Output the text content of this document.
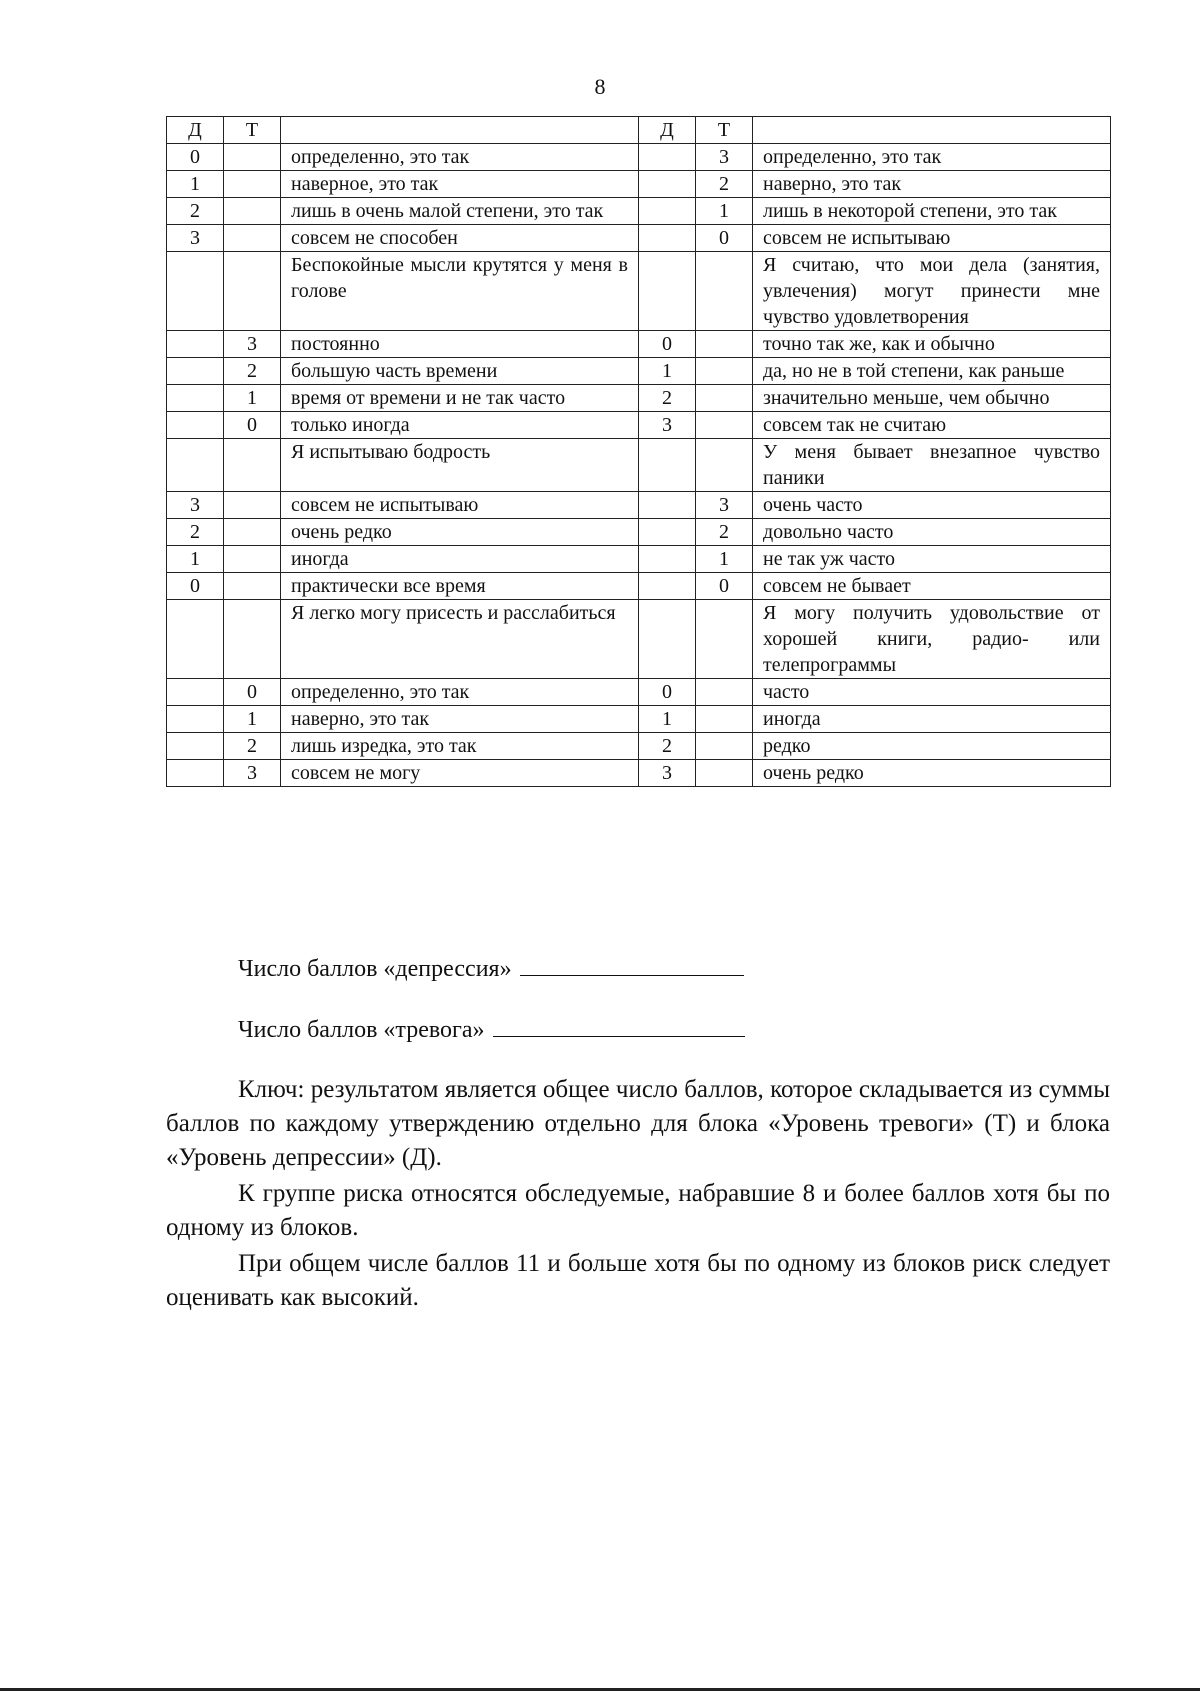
8
Д	Т		Д	Т	
0		определенно, это так		3	определенно, это так
1		наверное, это так		2	наверно, это так
2		лишь в очень малой степени, это так		1	лишь в некоторой степени, это так
3		совсем не способен		0	совсем не испытываю
		Беспокойные мысли крутятся у меня в голове			Я считаю, что мои дела (занятия, увлечения) могут принести мне чувство удовлетворения
	3	постоянно	0		точно так же, как и обычно
	2	большую часть времени	1		да, но не в той степени, как раньше
	1	время от времени и не так часто	2		значительно меньше, чем обычно
	0	только иногда	3		совсем так не считаю
		Я испытываю бодрость			У меня бывает внезапное чувство паники
3		совсем не испытываю		3	очень часто
2		очень редко		2	довольно часто
1		иногда		1	не так уж часто
0		практически все время		0	совсем не бывает
		Я легко могу присесть и расслабиться			Я могу получить удовольствие от хорошей книги, радио- или телепрограммы
	0	определенно, это так	0		часто
	1	наверно, это так	1		иногда
	2	лишь изредка, это так	2		редко
	3	совсем не могу	3		очень редко
Число баллов «депрессия»
Число баллов «тревога»

Ключ: результатом является общее число баллов, которое складывается из суммы баллов по каждому утверждению отдельно для блока «Уровень тревоги» (Т) и блока «Уровень депрессии» (Д).

К группе риска относятся обследуемые, набравшие 8 и более баллов хотя бы по одному из блоков.

При общем числе баллов 11 и больше хотя бы по одному из блоков риск следует оценивать как высокий.
